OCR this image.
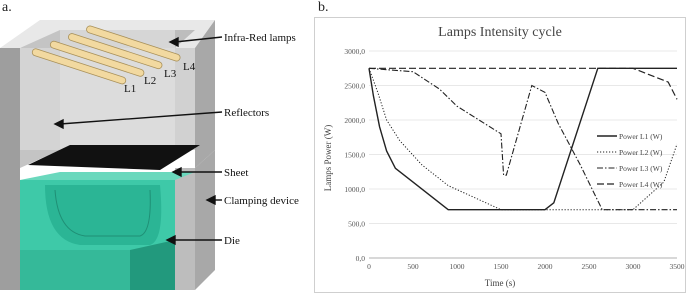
a.	b.
L1
L2
L3
L4
Infra-Red lamps
Reflectors
Sheet
Clamping device
Die
Lamps Intensity cycle
0,0
500,0
1000,0
1500,0
2000,0
2500,0
3000,0
0	500	1000	1500	2000	2500	3000	3500
Power L1 (W)
Power L2 (W)
Power L3 (W)
Power L4 (W)
Time (s)
Lamps Power (W)
